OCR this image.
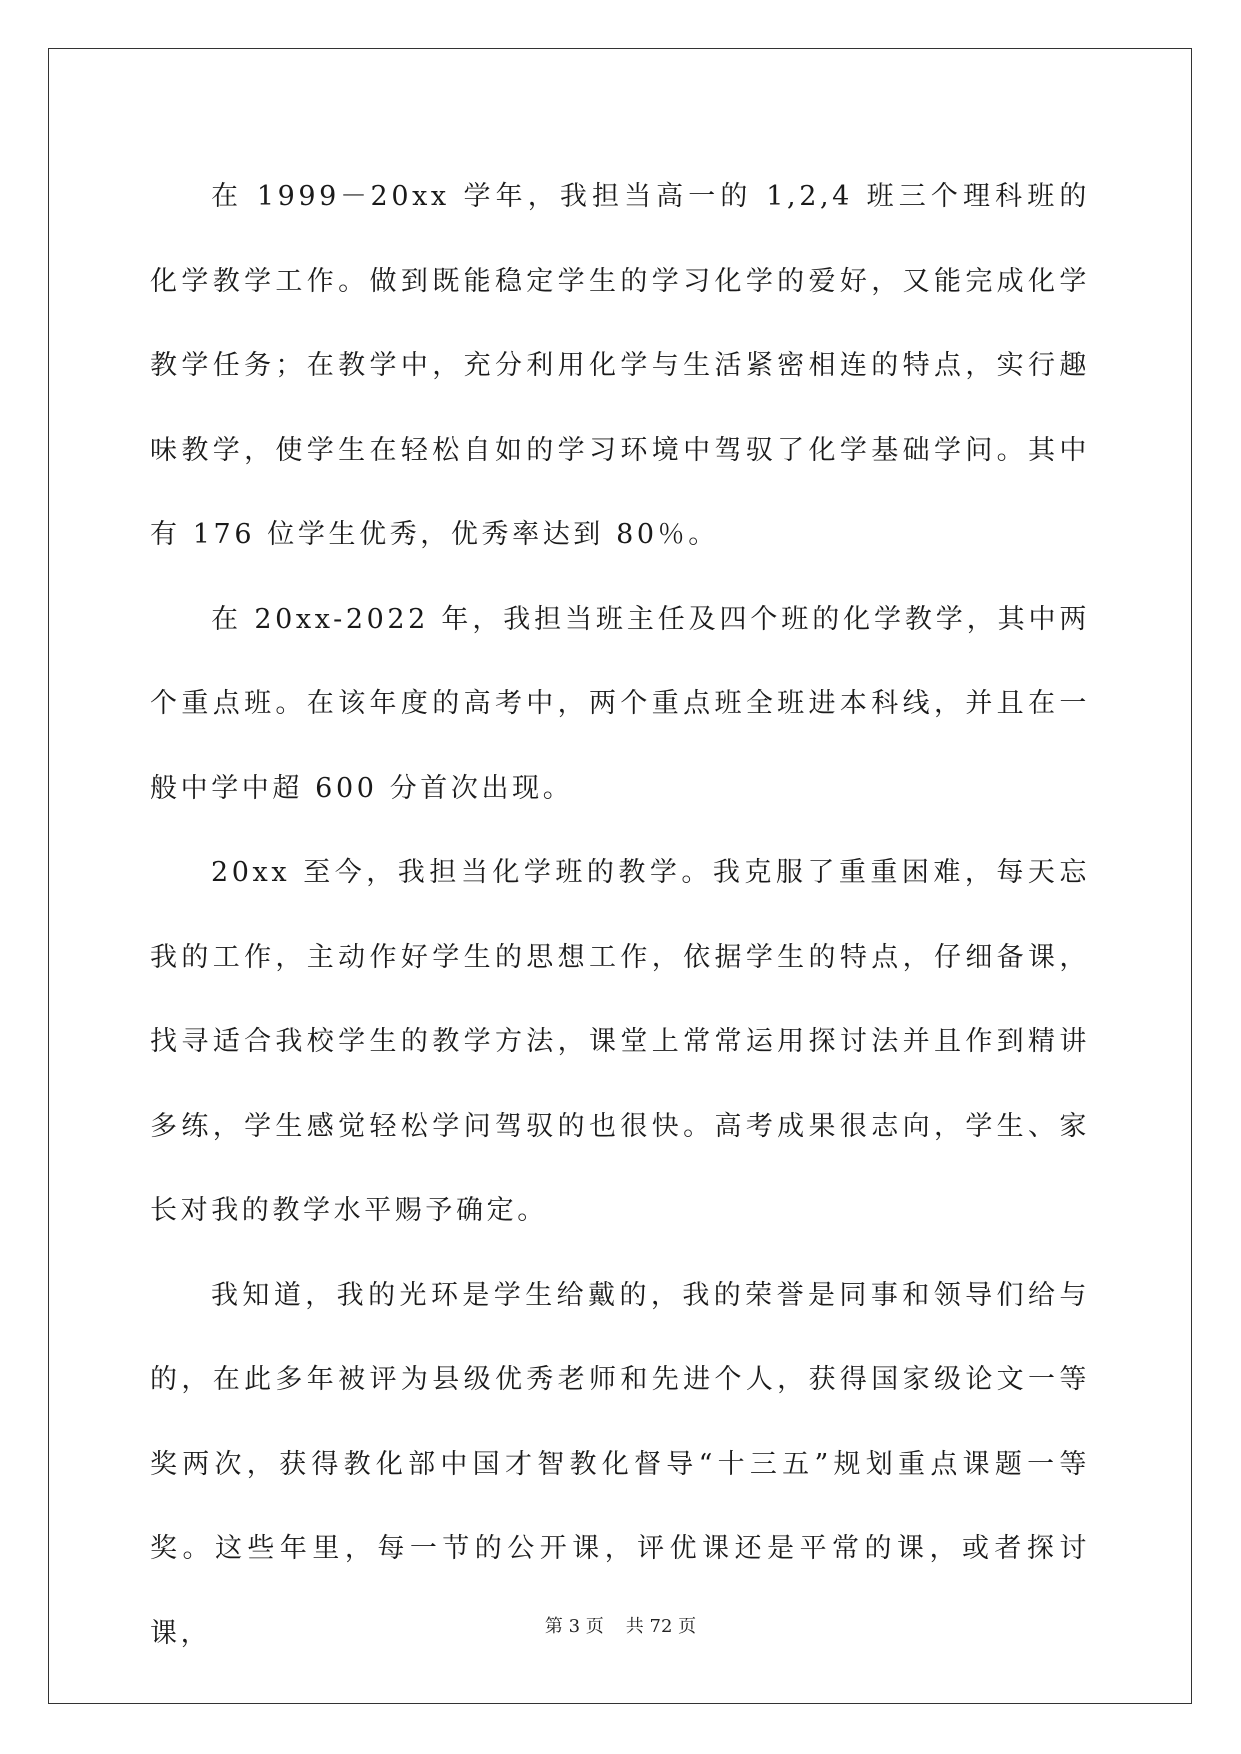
在 1999－20xx 学年，我担当高一的 1,2,4 班三个理科班的化学教学工作。做到既能稳定学生的学习化学的爱好，又能完成化学教学任务；在教学中，充分利用化学与生活紧密相连的特点，实行趣味教学，使学生在轻松自如的学习环境中驾驭了化学基础学问。其中有 176 位学生优秀，优秀率达到 80％。

在 20xx-2022 年，我担当班主任及四个班的化学教学，其中两个重点班。在该年度的高考中，两个重点班全班进本科线，并且在一般中学中超 600 分首次出现。

20xx 至今，我担当化学班的教学。我克服了重重困难，每天忘我的工作，主动作好学生的思想工作，依据学生的特点，仔细备课，找寻适合我校学生的教学方法，课堂上常常运用探讨法并且作到精讲多练，学生感觉轻松学问驾驭的也很快。高考成果很志向，学生、家长对我的教学水平赐予确定。

我知道，我的光环是学生给戴的，我的荣誉是同事和领导们给与的，在此多年被评为县级优秀老师和先进个人，获得国家级论文一等奖两次，获得教化部中国才智教化督导“十三五”规划重点课题一等奖。这些年里，每一节的公开课，评优课还是平常的课，或者探讨课，	第 3 页 共 72 页
